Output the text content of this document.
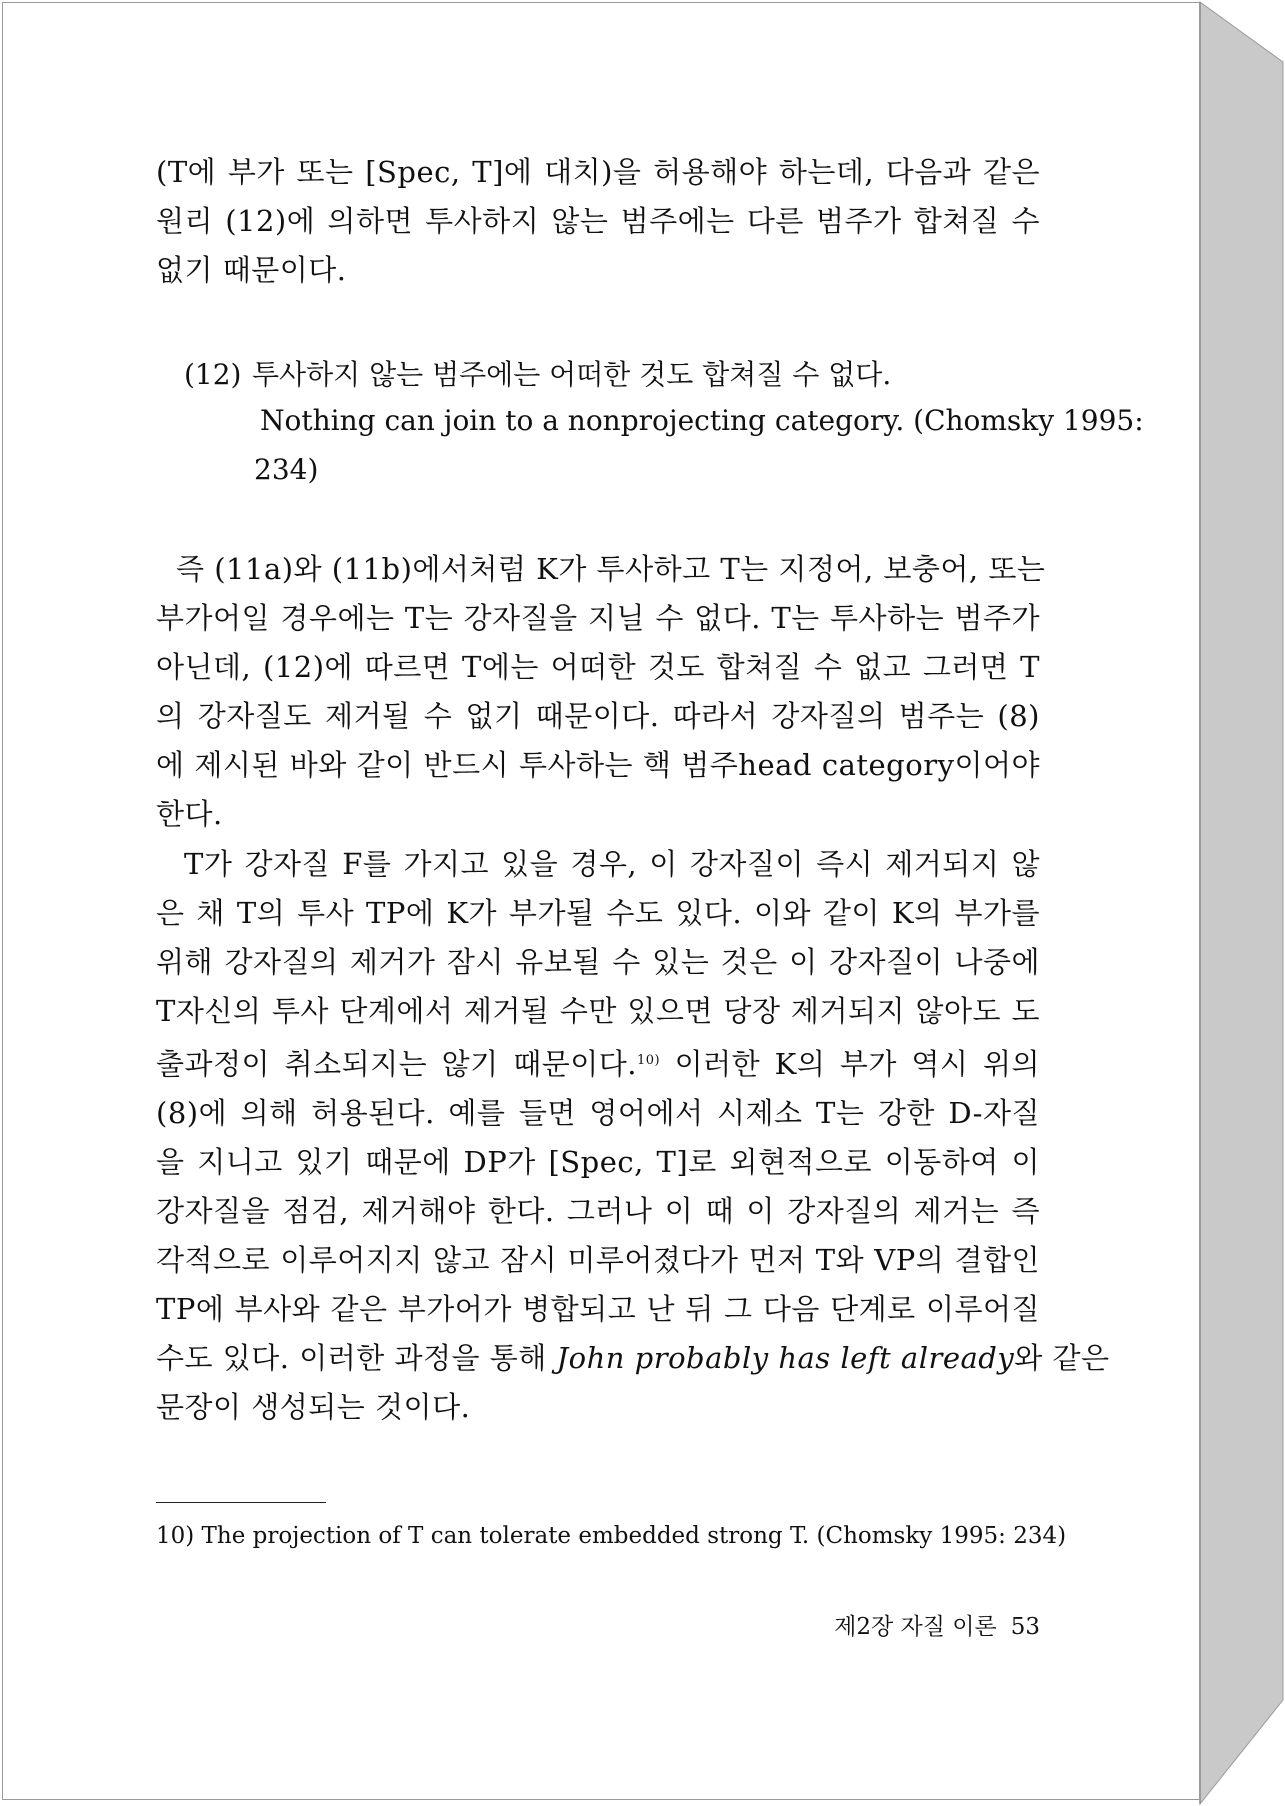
(T에 부가 또는 [Spec, T]에 대치)을 허용해야 하는데, 다음과 같은
원리 (12)에 의하면 투사하지 않는 범주에는 다른 범주가 합쳐질 수
없기 때문이다.
(12) 투사하지 않는 범주에는 어떠한 것도 합쳐질 수 없다.
Nothing can join to a nonprojecting category. (Chomsky 1995:
234)
즉 (11a)와 (11b)에서처럼 K가 투사하고 T는 지정어, 보충어, 또는
부가어일 경우에는 T는 강자질을 지닐 수 없다. T는 투사하는 범주가
아닌데, (12)에 따르면 T에는 어떠한 것도 합쳐질 수 없고 그러면 T
의 강자질도 제거될 수 없기 때문이다. 따라서 강자질의 범주는 (8)
에 제시된 바와 같이 반드시 투사하는 핵 범주head category이어야
한다.
T가 강자질 F를 가지고 있을 경우, 이 강자질이 즉시 제거되지 않
은 채 T의 투사 TP에 K가 부가될 수도 있다. 이와 같이 K의 부가를
위해 강자질의 제거가 잠시 유보될 수 있는 것은 이 강자질이 나중에
T자신의 투사 단계에서 제거될 수만 있으면 당장 제거되지 않아도 도
출과정이 취소되지는 않기 때문이다.$^{10)}$ 이러한 K의 부가 역시 위의
(8)에 의해 허용된다. 예를 들면 영어에서 시제소 T는 강한 D-자질
을 지니고 있기 때문에 DP가 [Spec, T]로 외현적으로 이동하여 이
강자질을 점검, 제거해야 한다. 그러나 이 때 이 강자질의 제거는 즉
각적으로 이루어지지 않고 잠시 미루어졌다가 먼저 T와 VP의 결합인
TP에 부사와 같은 부가어가 병합되고 난 뒤 그 다음 단계로 이루어질
수도 있다. 이러한 과정을 통해 John probably has left already와 같은
문장이 생성되는 것이다.
10) The projection of T can tolerate embedded strong T. (Chomsky 1995: 234)
제2장 자질 이론 53
